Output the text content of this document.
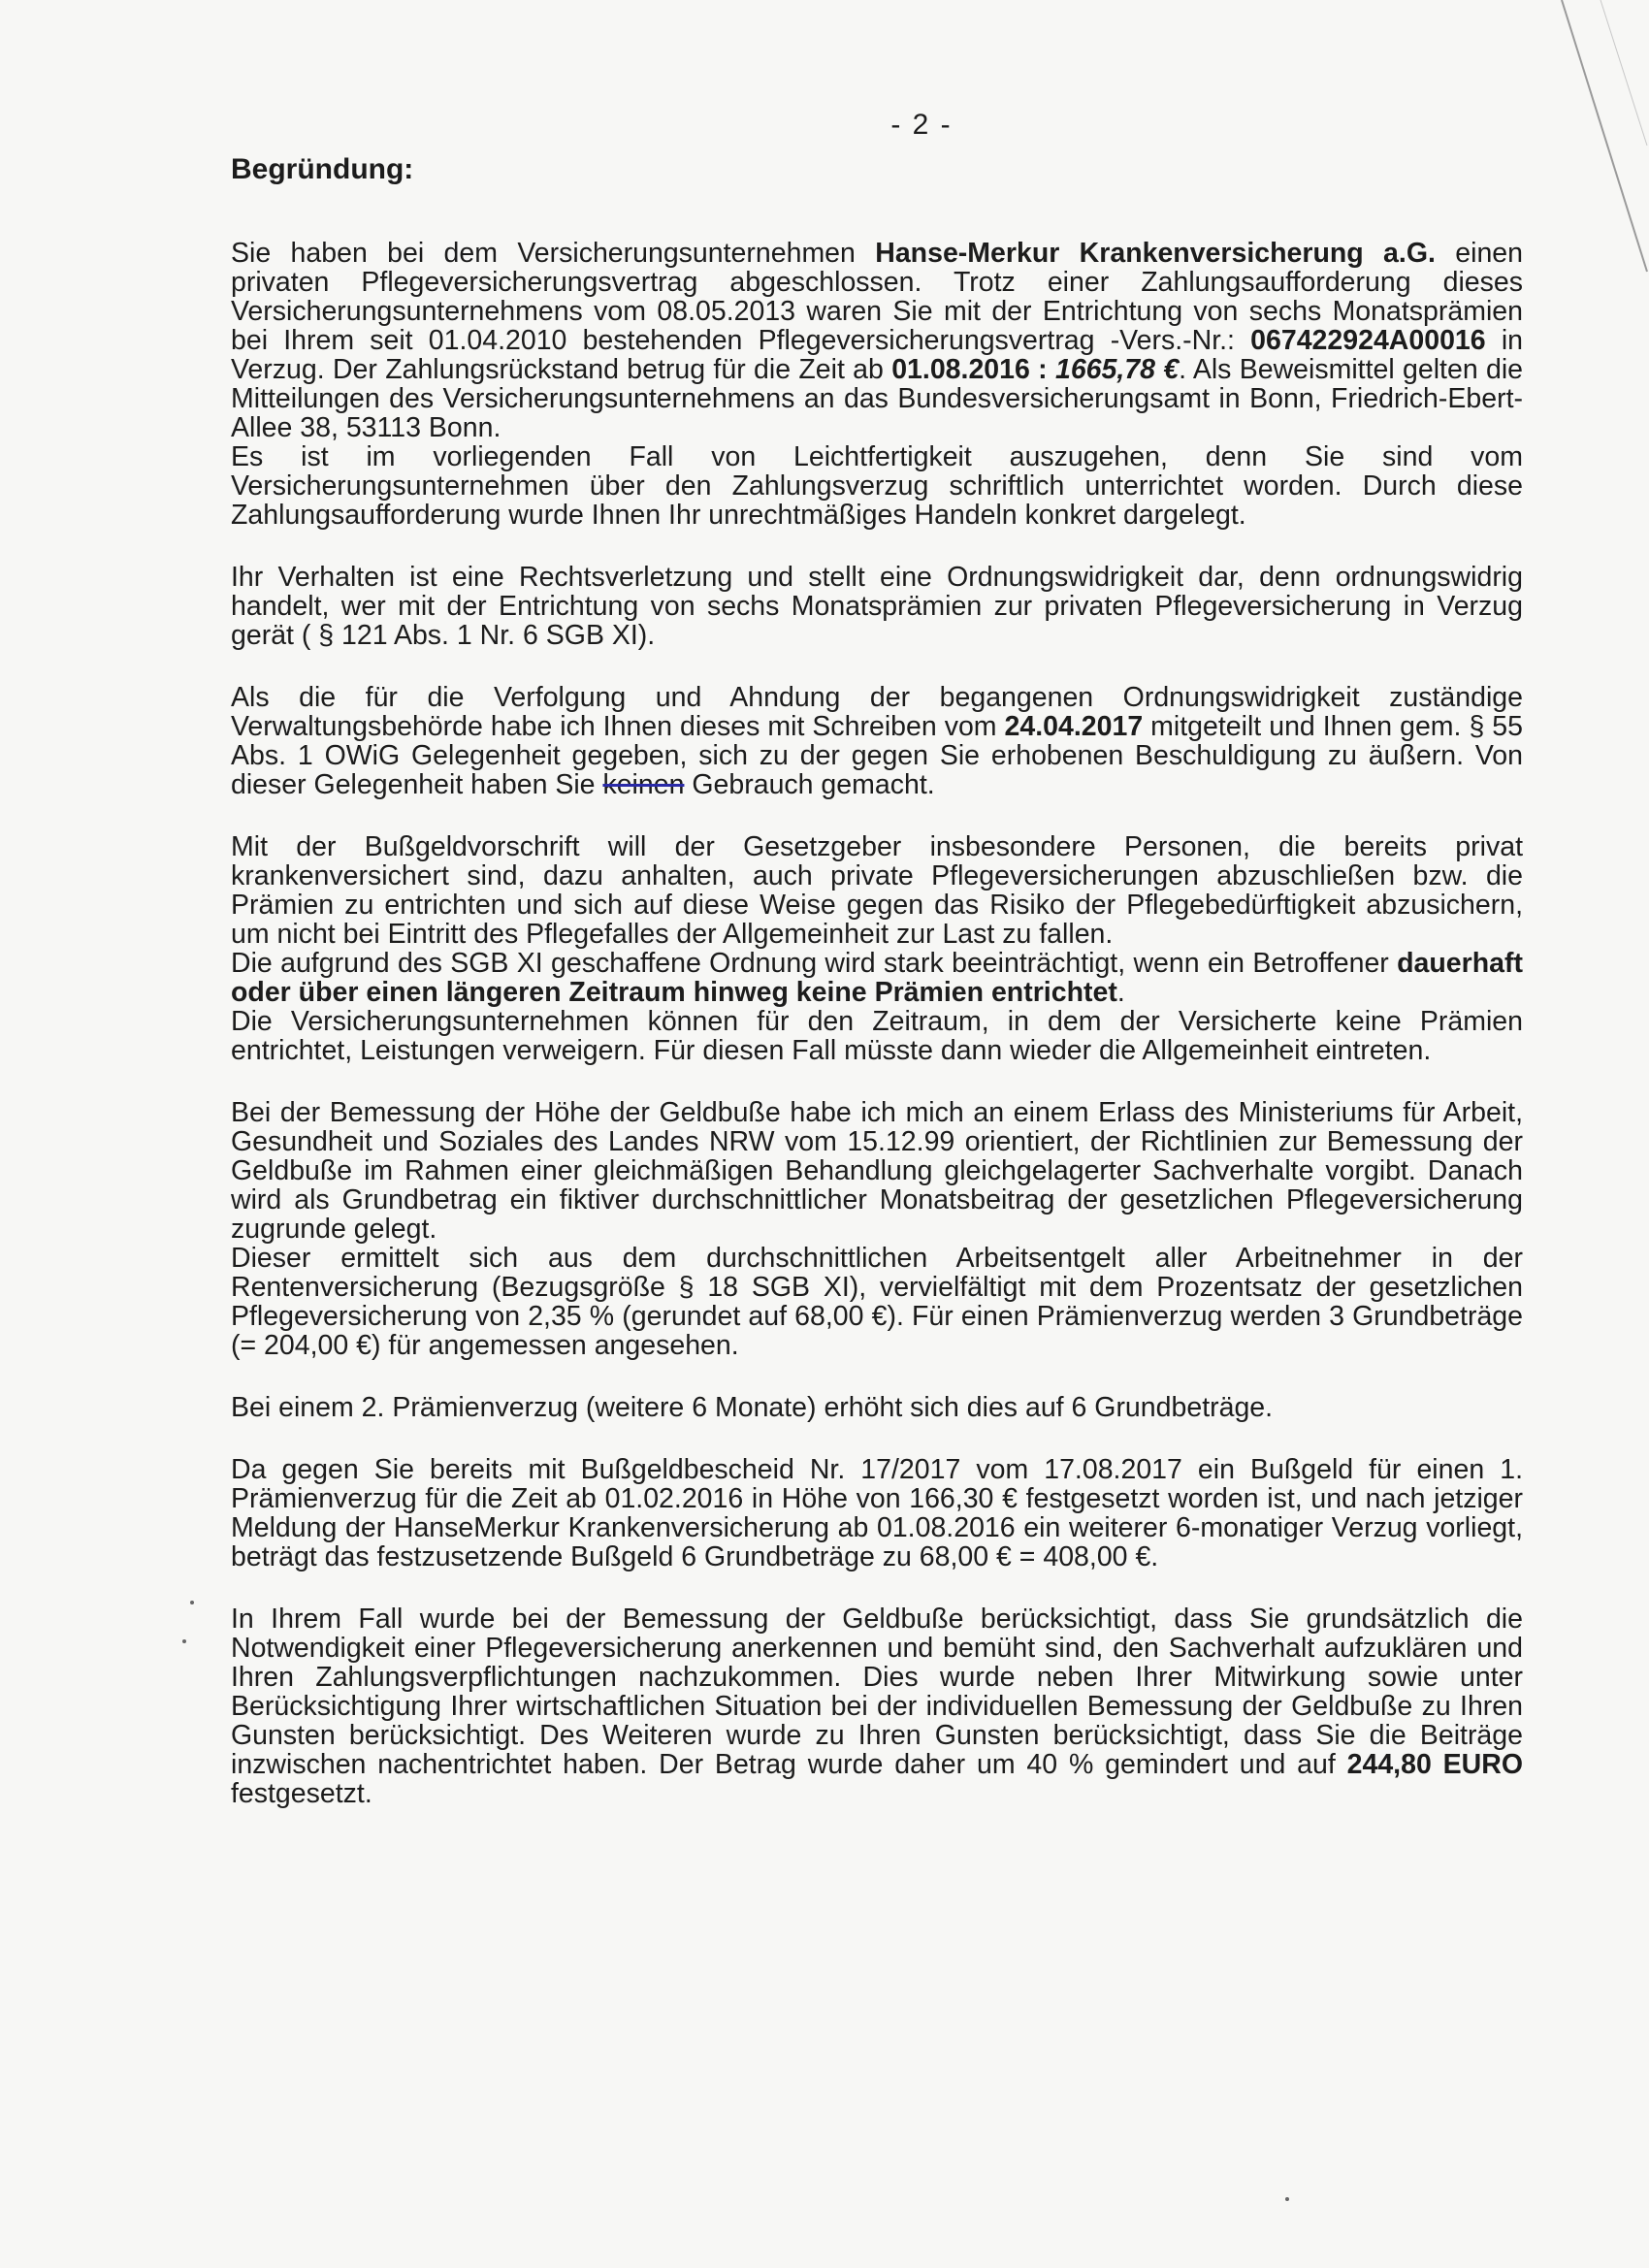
- 2 -
Begründung:

Sie haben bei dem Versicherungsunternehmen Hanse-Merkur Krankenversicherung a.G. einen privaten Pflegeversicherungsvertrag abgeschlossen. Trotz einer Zahlungsaufforderung dieses Versicherungsunternehmens vom 08.05.2013 waren Sie mit der Entrichtung von sechs Monatsprämien bei Ihrem seit 01.04.2010 bestehenden Pflegeversicherungsvertrag -Vers.-Nr.: 067422924A00016 in Verzug. Der Zahlungsrückstand betrug für die Zeit ab 01.08.2016 : 1665,78 €. Als Beweismittel gelten die Mitteilungen des Versicherungsunternehmens an das Bundesversicherungsamt in Bonn, Friedrich-Ebert-Allee 38, 53113 Bonn.

Es ist im vorliegenden Fall von Leichtfertigkeit auszugehen, denn Sie sind vom Versicherungsunternehmen über den Zahlungsverzug schriftlich unterrichtet worden. Durch diese Zahlungsaufforderung wurde Ihnen Ihr unrechtmäßiges Handeln konkret dargelegt.

Ihr Verhalten ist eine Rechtsverletzung und stellt eine Ordnungswidrigkeit dar, denn ordnungswidrig handelt, wer mit der Entrichtung von sechs Monatsprämien zur privaten Pflegeversicherung in Verzug gerät ( § 121 Abs. 1 Nr. 6 SGB XI).

Als die für die Verfolgung und Ahndung der begangenen Ordnungswidrigkeit zuständige Verwaltungsbehörde habe ich Ihnen dieses mit Schreiben vom 24.04.2017 mitgeteilt und Ihnen gem. § 55 Abs. 1 OWiG Gelegenheit gegeben, sich zu der gegen Sie erhobenen Beschuldigung zu äußern. Von dieser Gelegenheit haben Sie keinen Gebrauch gemacht.

Mit der Bußgeldvorschrift will der Gesetzgeber insbesondere Personen, die bereits privat krankenversichert sind, dazu anhalten, auch private Pflegeversicherungen abzuschließen bzw. die Prämien zu entrichten und sich auf diese Weise gegen das Risiko der Pflegebedürftigkeit abzusichern, um nicht bei Eintritt des Pflegefalles der Allgemeinheit zur Last zu fallen.

Die aufgrund des SGB XI geschaffene Ordnung wird stark beeinträchtigt, wenn ein Betroffener dauerhaft oder über einen längeren Zeitraum hinweg keine Prämien entrichtet.

Die Versicherungsunternehmen können für den Zeitraum, in dem der Versicherte keine Prämien entrichtet, Leistungen verweigern. Für diesen Fall müsste dann wieder die Allgemeinheit eintreten.

Bei der Bemessung der Höhe der Geldbuße habe ich mich an einem Erlass des Ministeriums für Arbeit, Gesundheit und Soziales des Landes NRW vom 15.12.99 orientiert, der Richtlinien zur Bemessung der Geldbuße im Rahmen einer gleichmäßigen Behandlung gleichgelagerter Sachverhalte vorgibt. Danach wird als Grundbetrag ein fiktiver durchschnittlicher Monatsbeitrag der gesetzlichen Pflegeversicherung zugrunde gelegt.

Dieser ermittelt sich aus dem durchschnittlichen Arbeitsentgelt aller Arbeitnehmer in der Rentenversicherung (Bezugsgröße § 18 SGB XI), vervielfältigt mit dem Prozentsatz der gesetzlichen Pflegeversicherung von 2,35 % (gerundet auf 68,00 €). Für einen Prämienverzug werden 3 Grundbeträge (= 204,00 €) für angemessen angesehen.

Bei einem 2. Prämienverzug (weitere 6 Monate) erhöht sich dies auf 6 Grundbeträge.

Da gegen Sie bereits mit Bußgeldbescheid Nr. 17/2017 vom 17.08.2017 ein Bußgeld für einen 1. Prämienverzug für die Zeit ab 01.02.2016 in Höhe von 166,30 € festgesetzt worden ist, und nach jetziger Meldung der HanseMerkur Krankenversicherung ab 01.08.2016 ein weiterer 6-monatiger Verzug vorliegt, beträgt das festzusetzende Bußgeld 6 Grundbeträge zu 68,00 € = 408,00 €.

In Ihrem Fall wurde bei der Bemessung der Geldbuße berücksichtigt, dass Sie grundsätzlich die Notwendigkeit einer Pflegeversicherung anerkennen und bemüht sind, den Sachverhalt aufzuklären und Ihren Zahlungsverpflichtungen nachzukommen. Dies wurde neben Ihrer Mitwirkung sowie unter Berücksichtigung Ihrer wirtschaftlichen Situation bei der individuellen Bemessung der Geldbuße zu Ihren Gunsten berücksichtigt. Des Weiteren wurde zu Ihren Gunsten berücksichtigt, dass Sie die Beiträge inzwischen nachentrichtet haben. Der Betrag wurde daher um 40 % gemindert und auf 244,80 EURO festgesetzt.
